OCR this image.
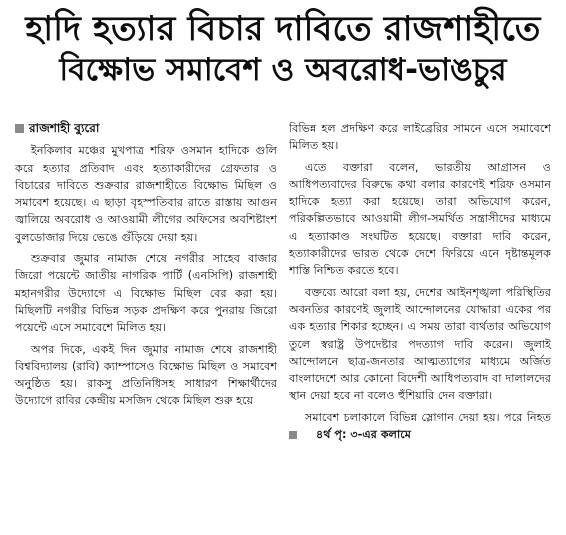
হাদি হত্যার বিচার দাবিতে রাজশাহীতে
বিক্ষোভ সমাবেশ ও অবরোধ-ভাঙচুর
রাজশাহী ব্যুরো

ইনকিলাব মঞ্চের মুখপাত্র শরিফ ওসমান হাদিকে গুলি করে হত্যার প্রতিবাদ এবং হত্যাকারীদের গ্রেফতার ও বিচারের দাবিতে শুক্রবার রাজশাহীতে বিক্ষোভ মিছিল ও সমাবেশ হয়েছে। এ ছাড়া বৃহস্পতিবার রাতে রাস্তায় আগুন জ্বালিয়ে অবরোধ ও আওয়ামী লীগের অফিসের অবশিষ্টাংশ বুলডোজার দিয়ে ভেঙে গুঁড়িয়ে দেয়া হয়।

শুক্রবার জুমার নামাজ শেষে নগরীর সাহেব বাজার জিরো পয়েন্টে জাতীয় নাগরিক পার্টি (এনসিপি) রাজশাহী মহানগরীর উদ্যোগে এ বিক্ষোভ মিছিল বের করা হয়। মিছিলটি নগরীর বিভিন্ন সড়ক প্রদক্ষিণ করে পুনরায় জিরো পয়েন্টে এসে সমাবেশে মিলিত হয়।

অপর দিকে, একই দিন জুমার নামাজ শেষে রাজশাহী বিশ্ববিদ্যালয় (রাবি) ক্যাম্পাসেও বিক্ষোভ মিছিল ও সমাবেশ অনুষ্ঠিত হয়। রাকসু প্রতিনিধিসহ সাধারণ শিক্ষার্থীদের উদ্যোগে রাবির কেন্দ্রীয় মসজিদ থেকে মিছিল শুরু হয়ে

বিভিন্ন হল প্রদক্ষিণ করে লাইব্রেরির সামনে এসে সমাবেশে মিলিত হয়।

এতে বক্তারা বলেন, ভারতীয় আগ্রাসন ও আধিপত্যবাদের বিরুদ্ধে কথা বলার কারণেই শরিফ ওসমান হাদিকে হত্যা করা হয়েছে। তারা অভিযোগ করেন, পরিকল্পিতভাবে আওয়ামী লীগ-সমর্থিত সন্ত্রাসীদের মাধ্যমে এ হত্যাকাণ্ড সংঘটিত হয়েছে। বক্তারা দাবি করেন, হত্যাকারীদের ভারত থেকে দেশে ফিরিয়ে এনে দৃষ্টান্তমূলক শাস্তি নিশ্চিত করতে হবে।

বক্তব্যে আরো বলা হয়, দেশের আইনশৃঙ্খলা পরিস্থিতির অবনতির কারণেই জুলাই আন্দোলনের যোদ্ধারা একের পর এক হত্যার শিকার হচ্ছেন। এ সময় তারা ব্যর্থতার অভিযোগ তুলে স্বরাষ্ট্র উপদেষ্টার পদত্যাগ দাবি করেন। জুলাই আন্দোলনে ছাত্র-জনতার আত্মত্যাগের মাধ্যমে অর্জিত বাংলাদেশে আর কোনো বিদেশী আধিপত্যবাদ বা দালালদের স্থান দেয়া হবে না বলেও হুঁশিয়ারি দেন বক্তারা।

সমাবেশ চলাকালে বিভিন্ন স্লোগান দেয়া হয়। পরে নিহত
৪র্থ পৃ: ৩-এর কলামে
